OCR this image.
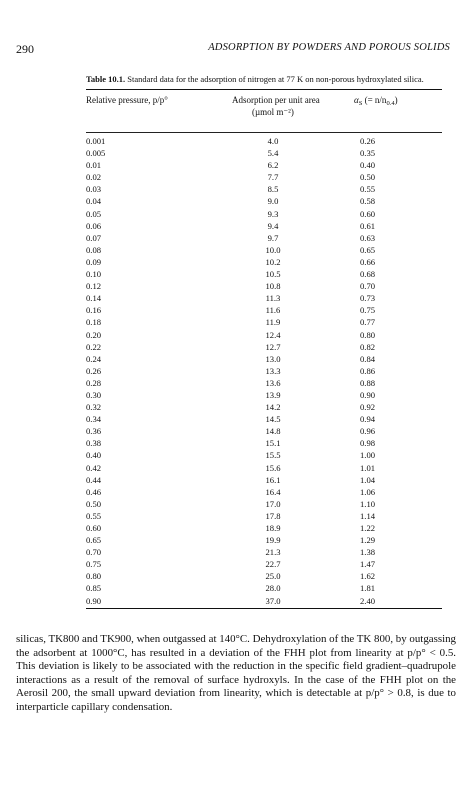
290	ADSORPTION BY POWDERS AND POROUS SOLIDS

Table 10.1. Standard data for the adsorption of nitrogen at 77 K on non-porous hydroxylated silica.

Relative pressure, p/p°	Adsorption per unit area
(µmol m⁻²)
$\alpha_S$ (= $n/n_{0.4}$)
0.001	4.0	0.26
0.005	5.4	0.35
0.01	6.2	0.40
0.02	7.7	0.50
0.03	8.5	0.55
0.04	9.0	0.58
0.05	9.3	0.60
0.06	9.4	0.61
0.07	9.7	0.63
0.08	10.0	0.65
0.09	10.2	0.66
0.10	10.5	0.68
0.12	10.8	0.70
0.14	11.3	0.73
0.16	11.6	0.75
0.18	11.9	0.77
0.20	12.4	0.80
0.22	12.7	0.82
0.24	13.0	0.84
0.26	13.3	0.86
0.28	13.6	0.88
0.30	13.9	0.90
0.32	14.2	0.92
0.34	14.5	0.94
0.36	14.8	0.96
0.38	15.1	0.98
0.40	15.5	1.00
0.42	15.6	1.01
0.44	16.1	1.04
0.46	16.4	1.06
0.50	17.0	1.10
0.55	17.8	1.14
0.60	18.9	1.22
0.65	19.9	1.29
0.70	21.3	1.38
0.75	22.7	1.47
0.80	25.0	1.62
0.85	28.0	1.81
0.90	37.0	2.40

silicas, TK800 and TK900, when outgassed at 140°C. Dehydroxylation of the TK 800, by outgassing the adsorbent at 1000°C, has resulted in a deviation of the FHH plot from linearity at p/p° < 0.5. This deviation is likely to be associated with the reduction in the specific field gradient–quadrupole interactions as a result of the removal of surface hydroxyls. In the case of the FHH plot on the Aerosil 200, the small upward deviation from linearity, which is detectable at p/p° > 0.8, is due to interparticle capillary condensation.
